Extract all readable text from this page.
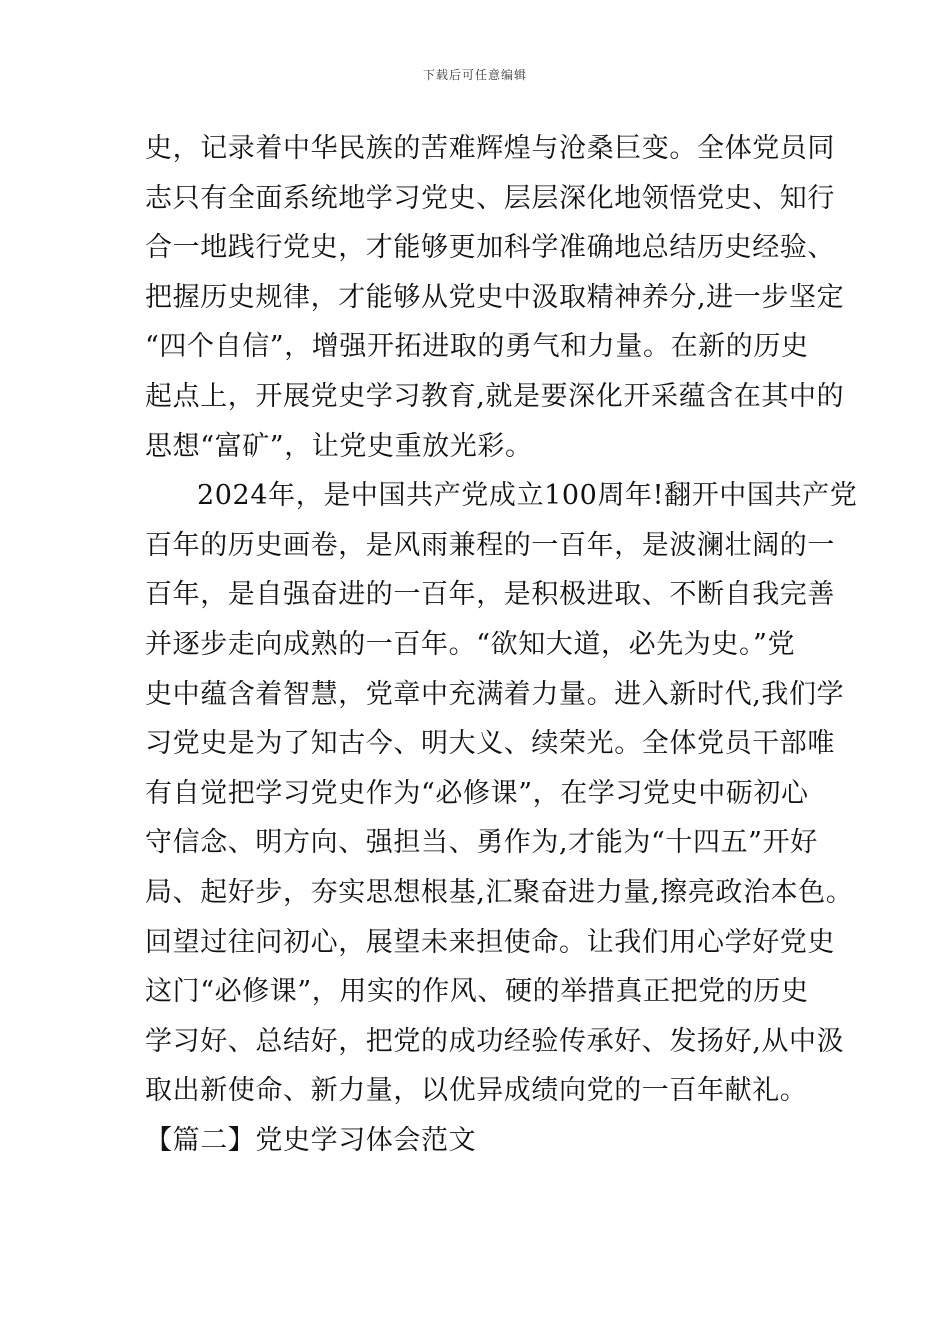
下载后可任意编辑
史，记录着中华民族的苦难辉煌与沧桑巨变。全体党员同
志只有全面系统地学习党史、层层深化地领悟党史、知行
合一地践行党史，才能够更加科学准确地总结历史经验、
把握历史规律，才能够从党史中汲取精神养分,进一步坚定
“四个自信”，增强开拓进取的勇气和力量。在新的历史
起点上，开展党史学习教育,就是要深化开采蕴含在其中的
思想“富矿”，让党史重放光彩。
2024年，是中国共产党成立100周年!翻开中国共产党
百年的历史画卷，是风雨兼程的一百年，是波澜壮阔的一
百年，是自强奋进的一百年，是积极进取、不断自我完善
并逐步走向成熟的一百年。“欲知大道，必先为史。”党
史中蕴含着智慧，党章中充满着力量。进入新时代,我们学
习党史是为了知古今、明大义、续荣光。全体党员干部唯
有自觉把学习党史作为“必修课”，在学习党史中砺初心
守信念、明方向、强担当、勇作为,才能为“十四五”开好
局、起好步，夯实思想根基,汇聚奋进力量,擦亮政治本色。
回望过往问初心，展望未来担使命。让我们用心学好党史
这门“必修课”，用实的作风、硬的举措真正把党的历史
学习好、总结好，把党的成功经验传承好、发扬好,从中汲
取出新使命、新力量，以优异成绩向党的一百年献礼。
【篇二】党史学习体会范文
